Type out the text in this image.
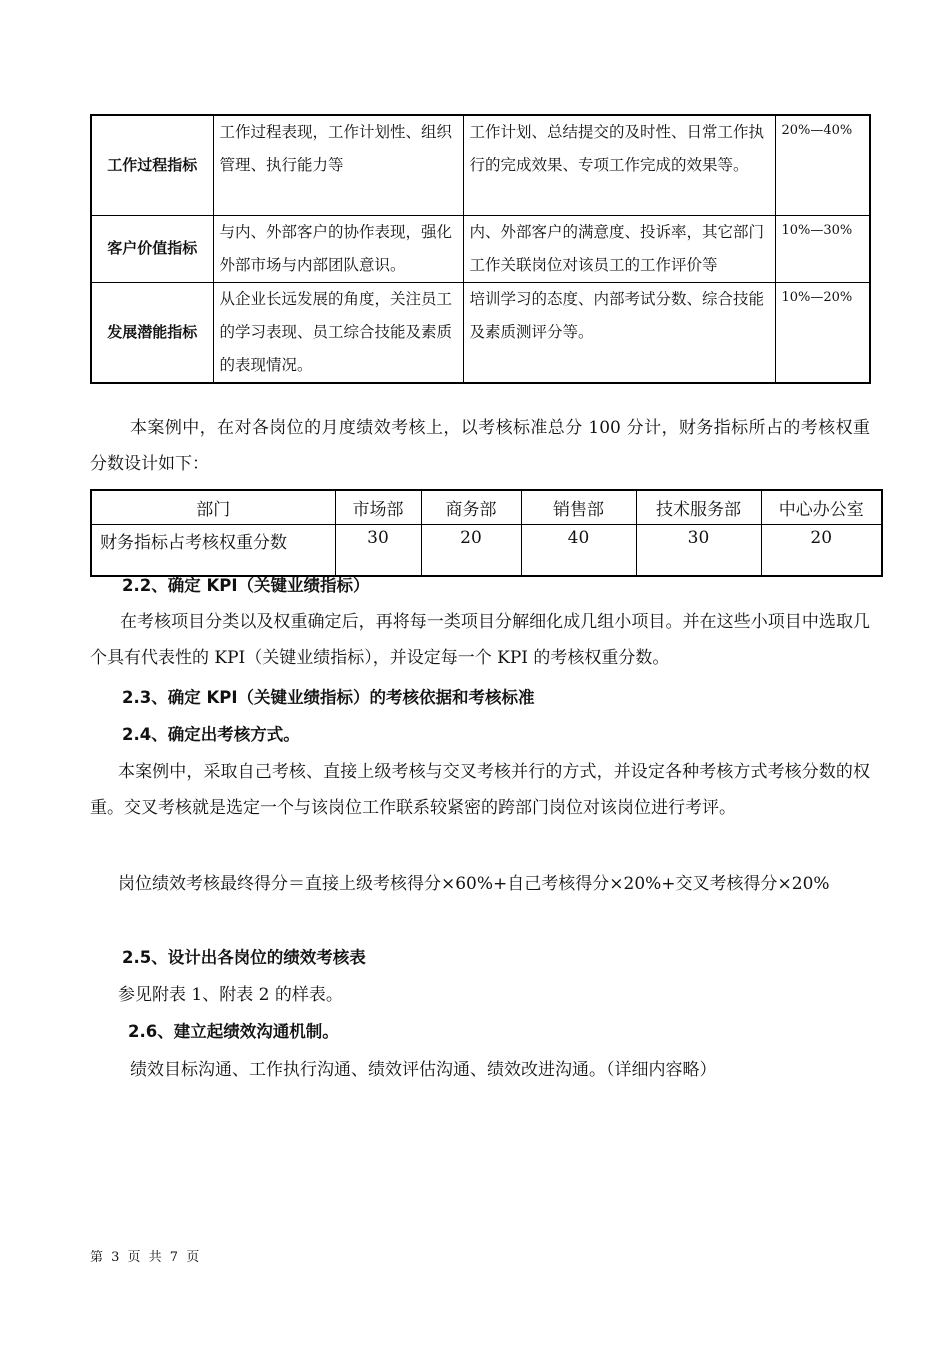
工作过程指标	工作过程表现，工作计划性、组织管理、执行能力等	工作计划、总结提交的及时性、日常工作执行的完成效果、专项工作完成的效果等。	20%—40%
客户价值指标	与内、外部客户的协作表现，强化外部市场与内部团队意识。	内、外部客户的满意度、投诉率，其它部门工作关联岗位对该员工的工作评价等	10%—30%
发展潜能指标	从企业长远发展的角度，关注员工的学习表现、员工综合技能及素质的表现情况。	培训学习的态度、内部考试分数、综合技能及素质测评分等。	10%—20%

本案例中，在对各岗位的月度绩效考核上，以考核标准总分 100 分计，财务指标所占的考核权重分数设计如下：

部门	市场部	商务部	销售部	技术服务部	中心办公室
财务指标占考核权重分数	30	20	40	30	20

2.2、确定 KPI（关键业绩指标）

在考核项目分类以及权重确定后，再将每一类项目分解细化成几组小项目。并在这些小项目中选取几个具有代表性的 KPI（关键业绩指标），并设定每一个 KPI 的考核权重分数。

2.3、确定 KPI（关键业绩指标）的考核依据和考核标准

2.4、确定出考核方式。

本案例中，采取自己考核、直接上级考核与交叉考核并行的方式，并设定各种考核方式考核分数的权重。交叉考核就是选定一个与该岗位工作联系较紧密的跨部门岗位对该岗位进行考评。

岗位绩效考核最终得分＝直接上级考核得分×60%+自己考核得分×20%+交叉考核得分×20%

2.5、设计出各岗位的绩效考核表

参见附表 1、附表 2 的样表。

2.6、建立起绩效沟通机制。

绩效目标沟通、工作执行沟通、绩效评估沟通、绩效改进沟通。（详细内容略）

第 3 页 共 7 页
